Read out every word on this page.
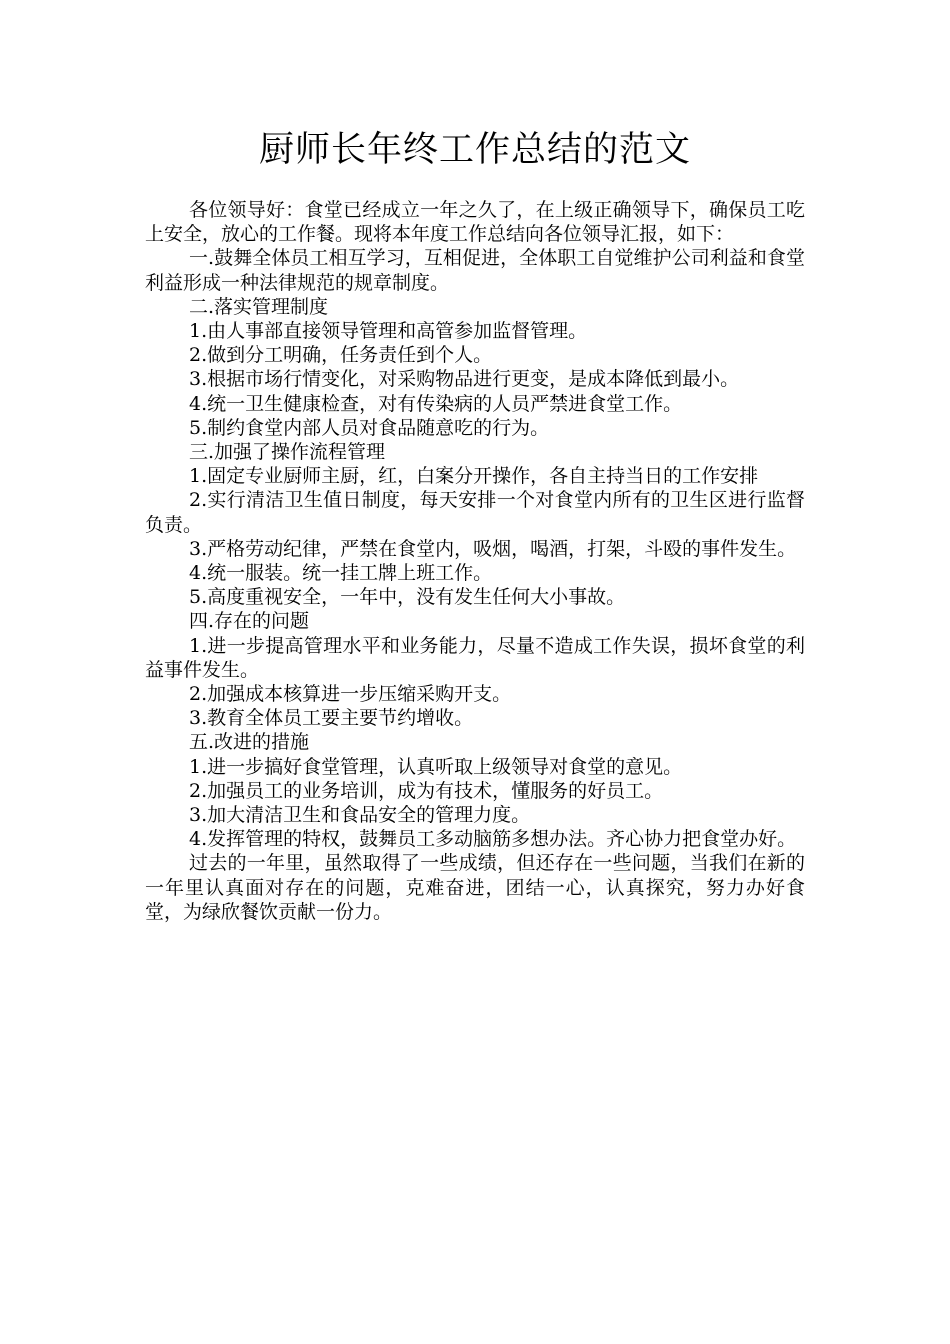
厨师长年终工作总结的范文

各位领导好：食堂已经成立一年之久了，在上级正确领导下，确保员工吃上安全，放心的工作餐。现将本年度工作总结向各位领导汇报，如下：

一.鼓舞全体员工相互学习，互相促进，全体职工自觉维护公司利益和食堂利益形成一种法律规范的规章制度。

二.落实管理制度

1.由人事部直接领导管理和高管参加监督管理。

2.做到分工明确，任务责任到个人。

3.根据市场行情变化，对采购物品进行更变，是成本降低到最小。

4.统一卫生健康检查，对有传染病的人员严禁进食堂工作。

5.制约食堂内部人员对食品随意吃的行为。

三.加强了操作流程管理

1.固定专业厨师主厨，红，白案分开操作，各自主持当日的工作安排

2.实行清洁卫生值日制度，每天安排一个对食堂内所有的卫生区进行监督负责。

3.严格劳动纪律，严禁在食堂内，吸烟，喝酒，打架，斗殴的事件发生。

4.统一服装。统一挂工牌上班工作。

5.高度重视安全，一年中，没有发生任何大小事故。

四.存在的问题

1.进一步提高管理水平和业务能力，尽量不造成工作失误，损坏食堂的利益事件发生。

2.加强成本核算进一步压缩采购开支。

3.教育全体员工要主要节约增收。

五.改进的措施

1.进一步搞好食堂管理，认真听取上级领导对食堂的意见。

2.加强员工的业务培训，成为有技术，懂服务的好员工。

3.加大清洁卫生和食品安全的管理力度。

4.发挥管理的特权，鼓舞员工多动脑筋多想办法。齐心协力把食堂办好。

过去的一年里，虽然取得了一些成绩，但还存在一些问题，当我们在新的一年里认真面对存在的问题，克难奋进，团结一心，认真探究，努力办好食堂，为绿欣餐饮贡献一份力。
